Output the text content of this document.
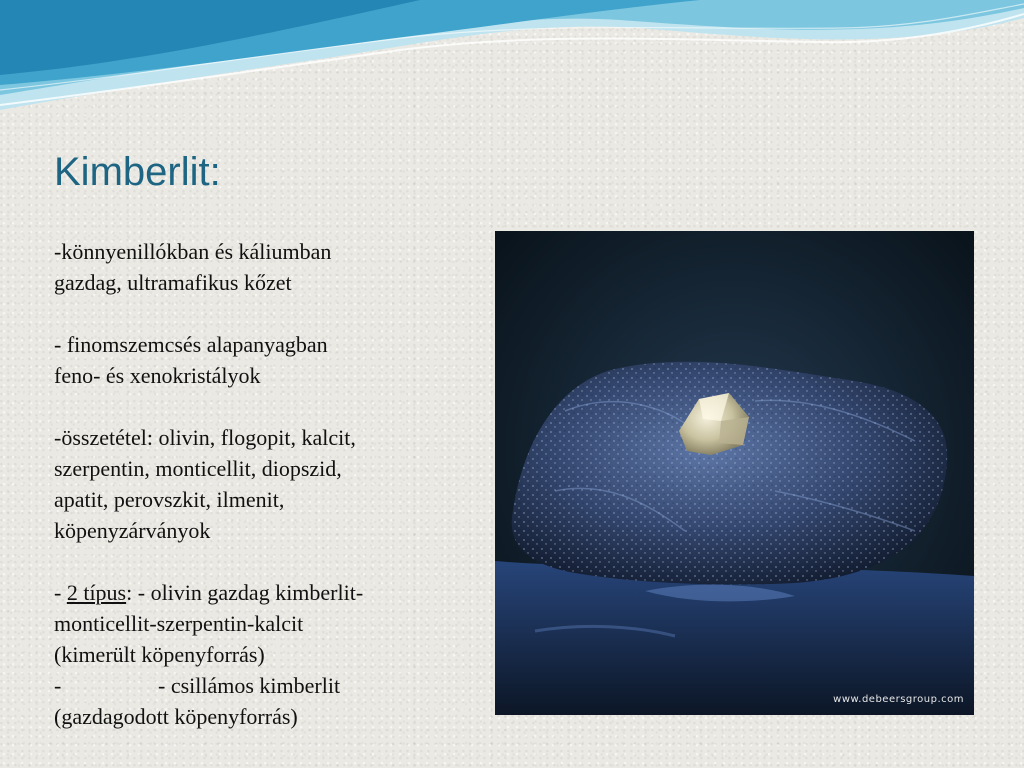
Kimberlit:

-könnyenillókban és káliumban
gazdag, ultramafikus kőzet

- finomszemcsés alapanyagban
feno- és xenokristályok

-összetétel: olivin, flogopit, kalcit,
szerpentin, monticellit, diopszid,
apatit, perovszkit, ilmenit,
köpenyzárványok

- 2 típus: - olivin gazdag kimberlit-
monticellit-szerpentin-kalcit
(kimerült köpenyforrás)
-	- csillámos kimberlit
(gazdagodott köpenyforrás)

www.debeersgroup.com
